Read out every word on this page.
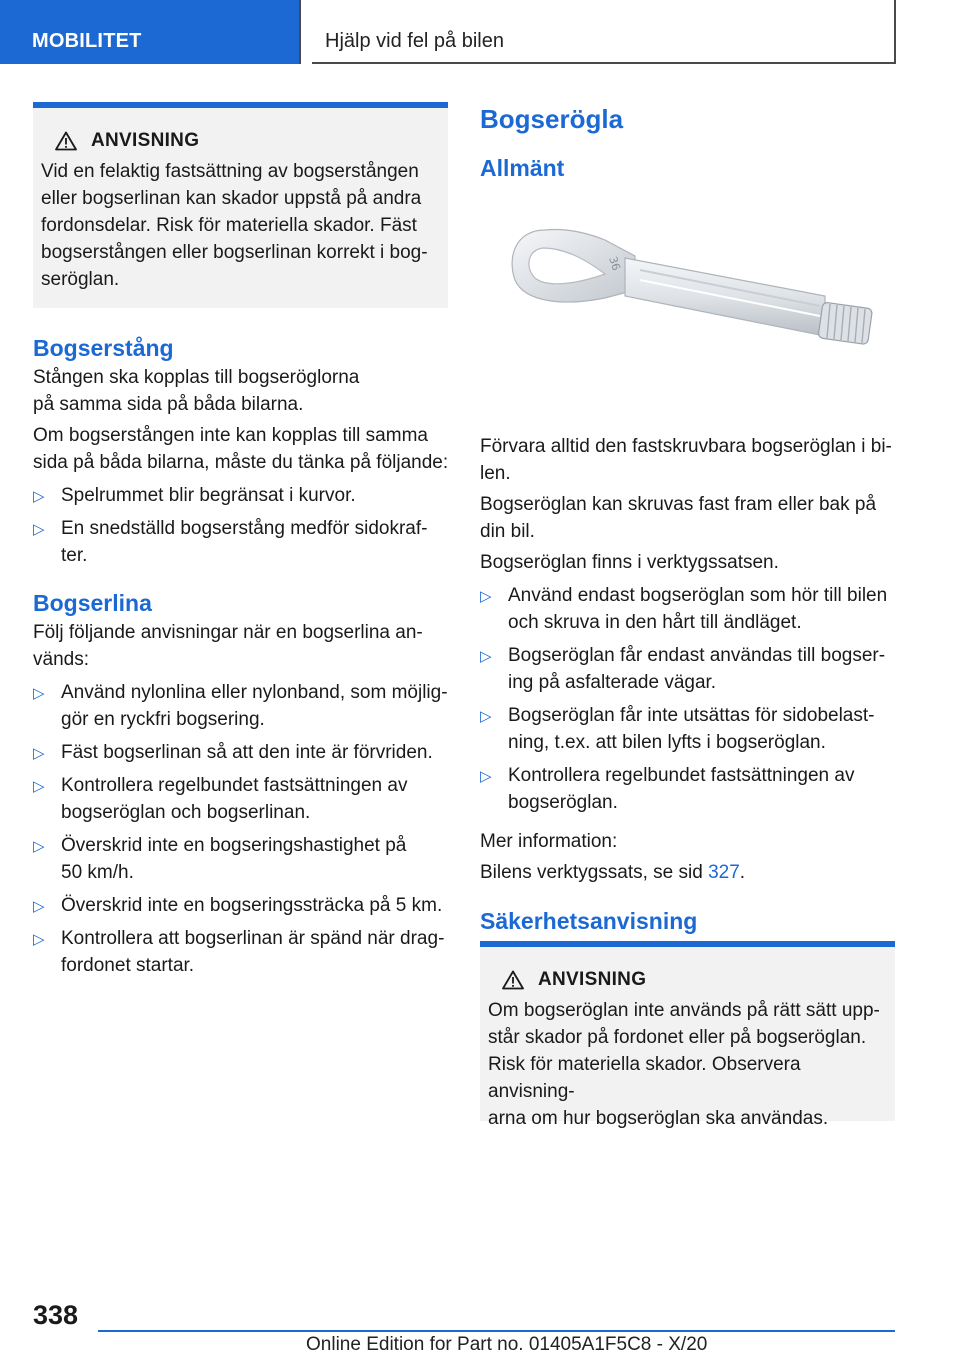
MOBILITET	Hjälp vid fel på bilen
ANVISNING
Vid en felaktig fastsättning av bogserstången
eller bogserlinan kan skador uppstå på andra
fordonsdelar. Risk för materiella skador. Fäst
bogserstången eller bogserlinan korrekt i bog-
seröglan.
Bogserstång

Stången ska kopplas till bogseröglorna
på samma sida på båda bilarna.

Om bogserstången inte kan kopplas till samma
sida på båda bilarna, måste du tänka på följande:

▷ Spelrummet blir begränsat i kurvor.
▷ En snedställd bogserstång medför sidokraf-
ter.
Bogserlina

Följ följande anvisningar när en bogserlina an-
vänds:

▷ Använd nylonlina eller nylonband, som möjlig-
gör en ryckfri bogsering.
▷ Fäst bogserlinan så att den inte är förvriden.
▷ Kontrollera regelbundet fastsättningen av
bogseröglan och bogserlinan.
▷ Överskrid inte en bogseringshastighet på
50 km/h.
▷ Överskrid inte en bogseringssträcka på 5 km.
▷ Kontrollera att bogserlinan är spänd när drag-
fordonet startar.
Bogserögla
Allmänt
36

Förvara alltid den fastskruvbara bogseröglan i bi-
len.

Bogseröglan kan skruvas fast fram eller bak på
din bil.

Bogseröglan finns i verktygssatsen.

▷ Använd endast bogseröglan som hör till bilen
och skruva in den hårt till ändläget.
▷ Bogseröglan får endast användas till bogser-
ing på asfalterade vägar.
▷ Bogseröglan får inte utsättas för sidobelast-
ning, t.ex. att bilen lyfts i bogseröglan.
▷ Kontrollera regelbundet fastsättningen av
bogseröglan.

Mer information:

Bilens verktygssats, se sid 327.

Säkerhetsanvisning
ANVISNING
Om bogseröglan inte används på rätt sätt upp-
står skador på fordonet eller på bogseröglan.
Risk för materiella skador. Observera anvisning-
arna om hur bogseröglan ska användas.
338
Online Edition for Part no. 01405A1F5C8 - X/20
